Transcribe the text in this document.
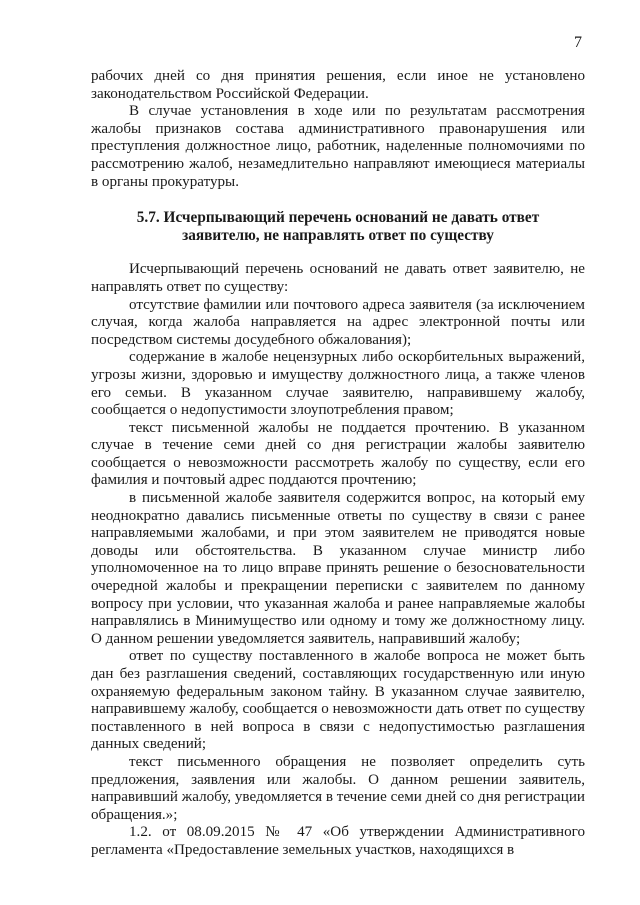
7

рабочих дней со дня принятия решения, если иное не установлено законодательством Российской Федерации.

В случае установления в ходе или по результатам рассмотрения жалобы признаков состава административного правонарушения или преступления должностное лицо, работник, наделенные полномочиями по рассмотрению жалоб, незамедлительно направляют имеющиеся материалы в органы прокуратуры.

5.7. Исчерпывающий перечень оснований не давать ответ
заявителю, не направлять ответ по существу

Исчерпывающий перечень оснований не давать ответ заявителю, не направлять ответ по существу:

отсутствие фамилии или почтового адреса заявителя (за исключением случая, когда жалоба направляется на адрес электронной почты или посредством системы досудебного обжалования);

содержание в жалобе нецензурных либо оскорбительных выражений, угрозы жизни, здоровью и имуществу должностного лица, а также членов его семьи. В указанном случае заявителю, направившему жалобу, сообщается о недопустимости злоупотребления правом;

текст письменной жалобы не поддается прочтению. В указанном случае в течение семи дней со дня регистрации жалобы заявителю сообщается о невозможности рассмотреть жалобу по существу, если его фамилия и почтовый адрес поддаются прочтению;

в письменной жалобе заявителя содержится вопрос, на который ему неоднократно давались письменные ответы по существу в связи с ранее направляемыми жалобами, и при этом заявителем не приводятся новые доводы или обстоятельства. В указанном случае министр либо уполномоченное на то лицо вправе принять решение о безосновательности очередной жалобы и прекращении переписки с заявителем по данному вопросу при условии, что указанная жалоба и ранее направляемые жалобы направлялись в Минимущество или одному и тому же должностному лицу. О данном решении уведомляется заявитель, направивший жалобу;

ответ по существу поставленного в жалобе вопроса не может быть дан без разглашения сведений, составляющих государственную или иную охраняемую федеральным законом тайну. В указанном случае заявителю, направившему жалобу, сообщается о невозможности дать ответ по существу поставленного в ней вопроса в связи с недопустимостью разглашения данных сведений;

текст письменного обращения не позволяет определить суть предложения, заявления или жалобы. О данном решении заявитель, направивший жалобу, уведомляется в течение семи дней со дня регистрации обращения.»;

1.2. от 08.09.2015 № 47 «Об утверждении Административного регламента «Предоставление земельных участков, находящихся в
